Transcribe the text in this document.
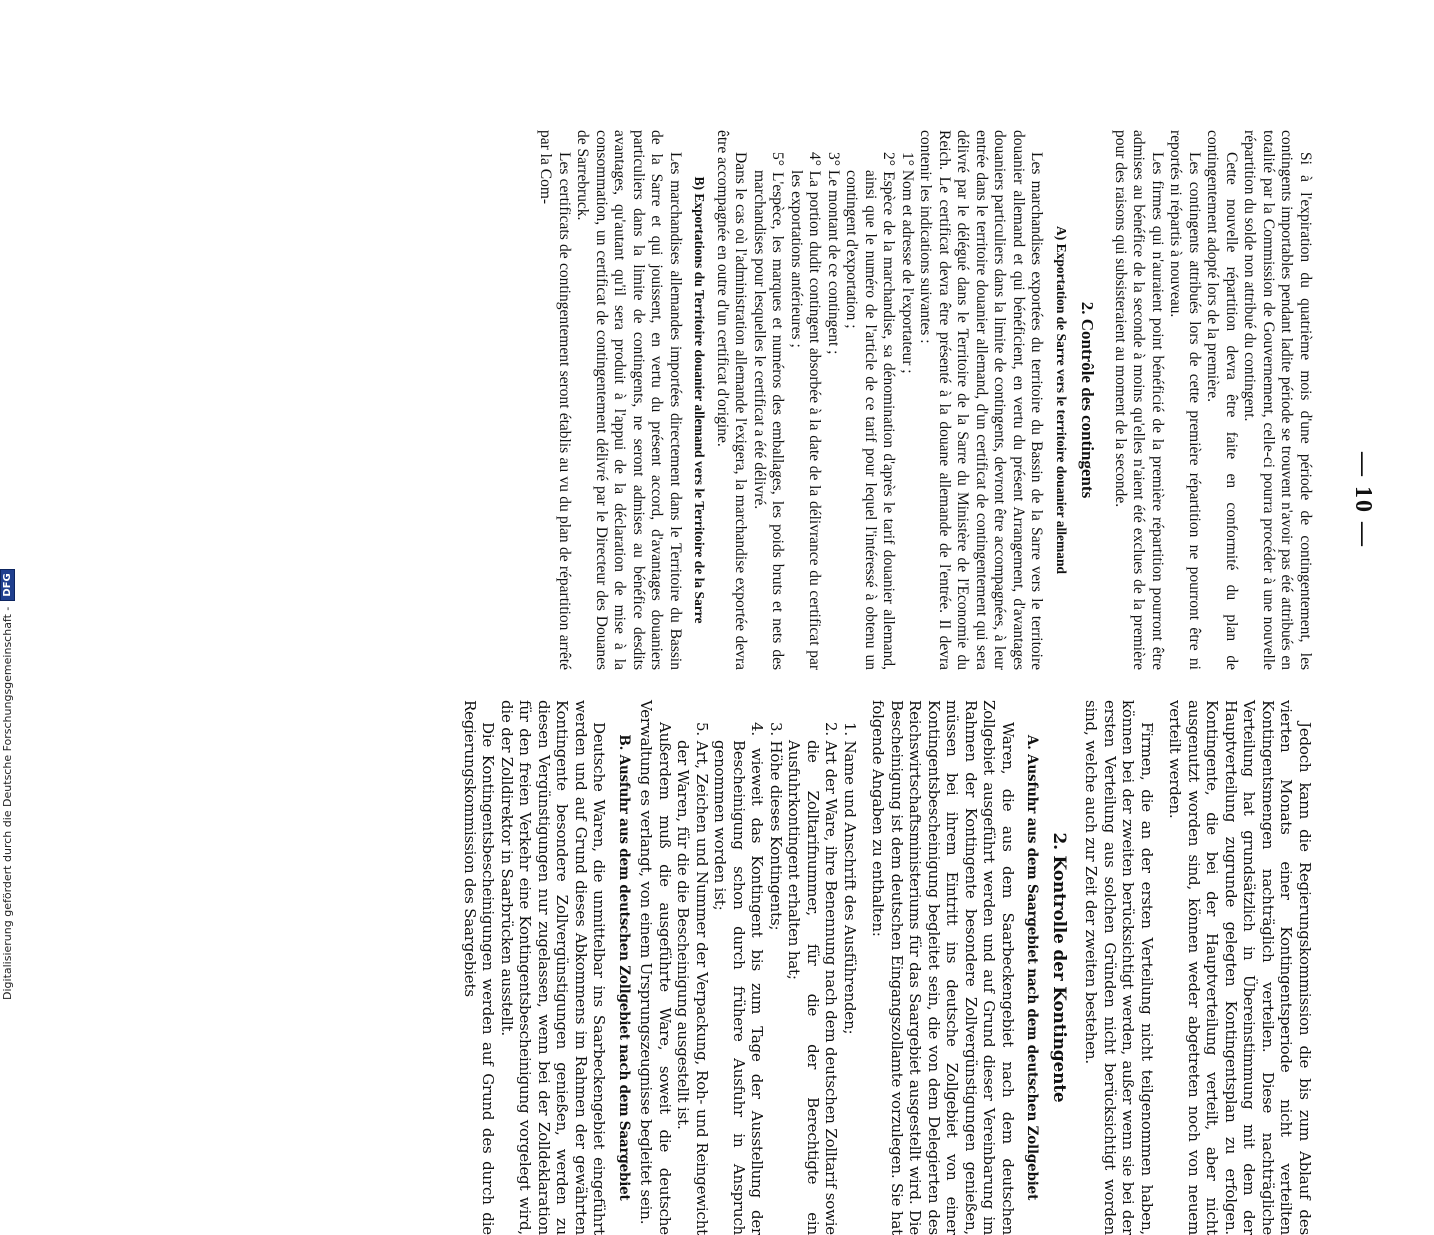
— 10 —

Si à l'expiration du quatrième mois d'une période de contingentement, les contingents importables pendant ladite période se trouvent n'avoir pas été attribués en totalité par la Commission de Gouvernement, celle-ci pourra procéder à une nouvelle répartition du solde non attribué du contingent.

Cette nouvelle répartition devra être faite en conformité du plan de contingentement adopté lors de la première.

Les contingents attribués lors de cette première répartition ne pourront être ni reportés ni répartis à nouveau.

Les firmes qui n'auraient point bénéficié de la première répartition pourront être admises au bénéfice de la seconde à moins qu'elles n'aient été exclues de la première pour des raisons qui subsisteraient au moment de la seconde.

2. Contrôle des contingents
A) Exportation de Sarre vers le territoire douanier allemand

Les marchandises exportées du territoire du Bassin de la Sarre vers le territoire douanier allemand et qui bénéficient, en vertu du présent Arrangement, d'avantages douaniers particuliers dans la limite de contingents, devront être accompagnées, à leur entrée dans le territoire douanier allemand, d'un certificat de contingentement qui sera délivré par le délégué dans le Territoire de la Sarre du Ministère de l'Economie du Reich. Le certificat devra être présenté à la douane allemande de l'entrée. Il devra contenir les indications suivantes :

1° Nom et adresse de l'exportateur ;

2° Espèce de la marchandise, sa dénomination d'après le tarif douanier allemand, ainsi que le numéro de l'article de ce tarif pour lequel l'intéressé à obtenu un contingent d'exportation ;

3° Le montant de ce contingent ;

4° La portion dudit contingent absorbée à la date de la délivrance du certificat par les exportations antérieures ;

5° L'espèce, les marques et numéros des emballages, les poids bruts et nets des marchandises pour lesquelles le certificat a été délivré.

Dans le cas où l'administration allemande l'exigera, la marchandise exportée devra être accompagnée en outre d'un certificat d'origine.

B) Exportations du Territoire douanier allemand vers le Territoire de la Sarre

Les marchandises allemandes importées directement dans le Territoire du Bassin de la Sarre et qui jouissent, en vertu du présent accord, d'avantages douaniers particuliers dans la limite de contingents, ne seront admises au bénéfice desdits avantages, qu'autant qu'il sera produit à l'appui de la déclaration de mise à la consommation, un certificat de contingentement délivré par le Directeur des Douanes de Sarrebruck.

Les certificats de contingentement seront établis au vu du plan de répartition arrêté par la Com-

Jedoch kann die Regierungskommission die bis zum Ablauf des vierten Monats einer Kontingentsperiode nicht verteilten Kontingentsmengen nachträglich verteilen. Diese nachträgliche Verteilung hat grundsätzlich in Übereinstimmung mit dem der Hauptverteilung zugrunde gelegten Kontingentsplan zu erfolgen. Kontingente, die bei der Hauptverteilung verteilt, aber nicht ausgenutzt worden sind, können weder abgetreten noch von neuem verteilt werden.

Firmen, die an der ersten Verteilung nicht teilgenommen haben, können bei der zweiten berücksichtigt werden, außer wenn sie bei der ersten Verteilung aus solchen Gründen nicht berücksichtigt worden sind, welche auch zur Zeit der zweiten bestehen.

2. Kontrolle der Kontingente
A. Ausfuhr aus dem Saargebiet nach dem deutschen Zollgebiet

Waren, die aus dem Saarbeckengebiet nach dem deutschen Zollgebiet ausgeführt werden und auf Grund dieser Vereinbarung im Rahmen der Kontingente besondere Zollvergünstigungen genießen, müssen bei ihrem Eintritt ins deutsche Zollgebiet von einer Kontingentsbescheinigung begleitet sein, die von dem Delegierten des Reichswirtschaftsministeriums für das Saargebiet ausgestellt wird. Die Bescheinigung ist dem deutschen Eingangszollamte vorzulegen. Sie hat folgende Angaben zu enthalten:

1. Name und Anschrift des Ausführenden;

2. Art der Ware, ihre Benennung nach dem deutschen Zolltarif sowie die Zolltarifnummer, für die der Berechtigte ein Ausfuhrkontingent erhalten hat;

3. Höhe dieses Kontingents;

4. wieweit das Kontingent bis zum Tage der Ausstellung der Bescheinigung schon durch frühere Ausfuhr in Anspruch genommen worden ist;

5. Art, Zeichen und Nummer der Verpackung, Roh- und Reingewicht der Waren, für die die Bescheinigung ausgestellt ist.

Außerdem muß die ausgeführte Ware, soweit die deutsche Verwaltung es verlangt, von einem Ursprungszeugnisse begleitet sein.

B. Ausfuhr aus dem deutschen Zollgebiet nach dem Saargebiet

Deutsche Waren, die unmittelbar ins Saarbeckengebiet eingeführt werden und auf Grund dieses Abkommens im Rahmen der gewährten Kontingente besondere Zollvergünstigungen genießen, werden zu diesen Vergünstigungen nur zugelassen, wenn bei der Zolldeklaration für den freien Verkehr eine Kontingentsbescheinigung vorgelegt wird, die der Zolldirektor in Saarbrücken ausstellt.

Die Kontingentsbescheinigungen werden auf Grund des durch die Regierungskommission des Saargebiets

Digitalisierung gefördert durch die Deutsche Forschungsgemeinschaft -
DFG
